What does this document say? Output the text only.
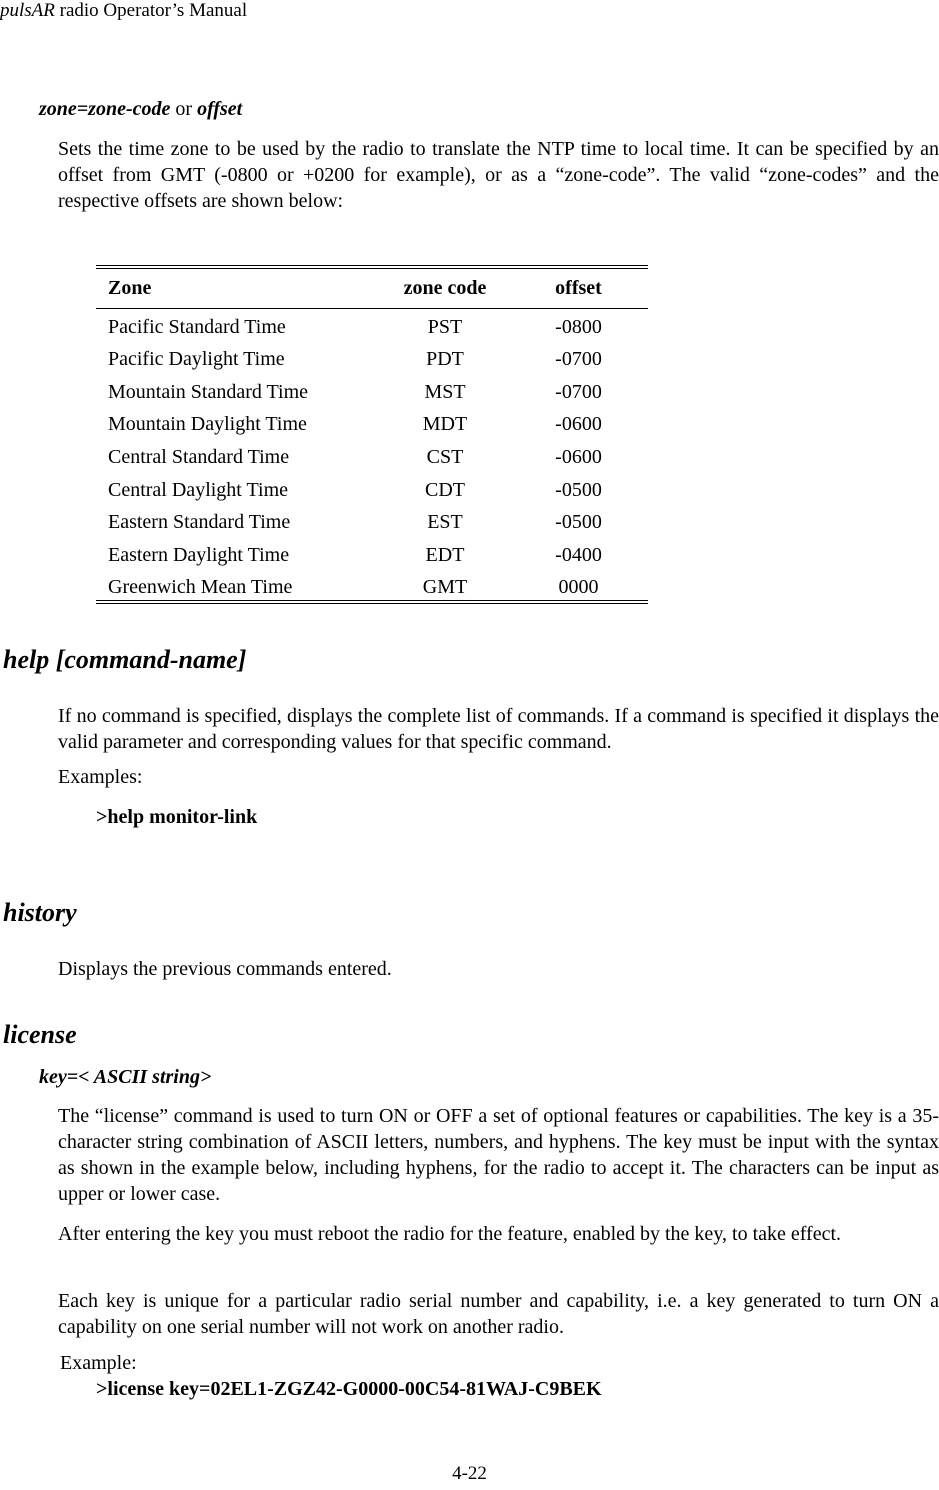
pulsAR radio Operator’s Manual
zone=zone-code or offset
Sets the time zone to be used by the radio to translate the NTP time to local time. It can be specified by an offset from GMT (-0800 or +0200 for example), or as a “zone-code”. The valid “zone-codes” and the respective offsets are shown below:
Zone	zone code	offset
Pacific Standard Time	PST	-0800
Pacific Daylight Time	PDT	-0700
Mountain Standard Time	MST	-0700
Mountain Daylight Time	MDT	-0600
Central Standard Time	CST	-0600
Central Daylight Time	CDT	-0500
Eastern Standard Time	EST	-0500
Eastern Daylight Time	EDT	-0400
Greenwich Mean Time	GMT	0000
help [command-name]
If no command is specified, displays the complete list of commands. If a command is specified it displays the valid parameter and corresponding values for that specific command.
Examples:
>help monitor-link
history
Displays the previous commands entered.
license
key=< ASCII string>
The “license” command is used to turn ON or OFF a set of optional features or capabilities. The key is a 35-character string combination of ASCII letters, numbers, and hyphens. The key must be input with the syntax as shown in the example below, including hyphens, for the radio to accept it. The characters can be input as upper or lower case.
After entering the key you must reboot the radio for the feature, enabled by the key, to take effect.
Each key is unique for a particular radio serial number and capability, i.e. a key generated to turn ON a capability on one serial number will not work on another radio.
Example:
>license key=02EL1-ZGZ42-G0000-00C54-81WAJ-C9BEK
4-22
